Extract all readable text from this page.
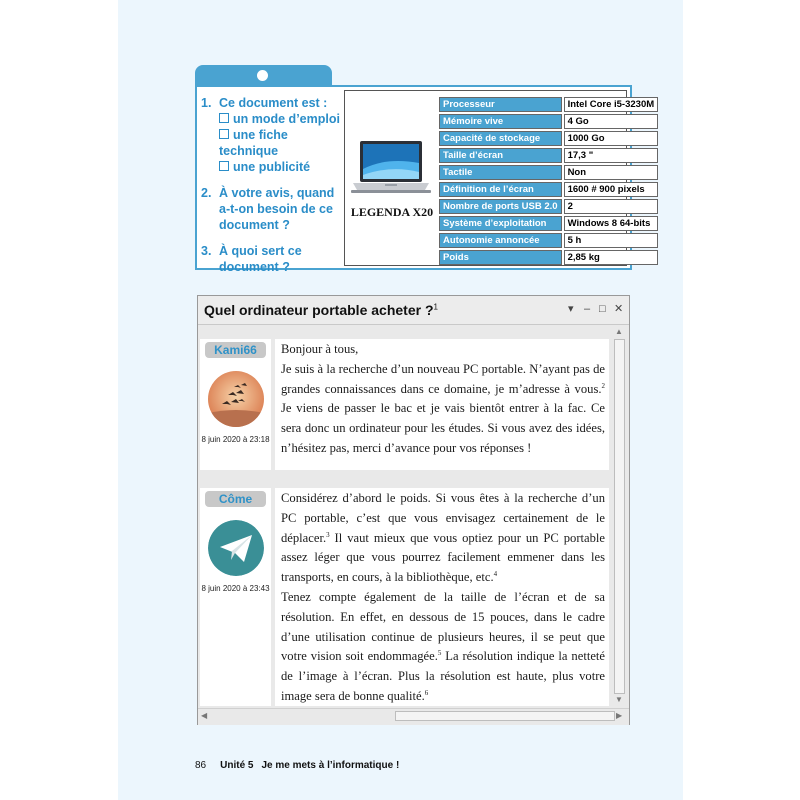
1. Ce document est :
un mode d’emploi
une fiche technique
une publicité
2. À votre avis, quand a-t-on besoin de ce document ?
3. À quoi sert ce document ?
LEGENDA X20
Processeur	Intel Core i5-3230M
Mémoire vive	4 Go
Capacité de stockage	1000 Go
Taille d’écran	17,3 "
Tactile	Non
Définition de l’écran	1600 # 900 pixels
Nombre de ports USB 2.0	2
Système d’exploitation	Windows 8 64-bits
Autonomie annoncée	5 h
Poids	2,85 kg
Quel ordinateur portable acheter ?$^1$	▾ – □ ✕
Kami66
8 juin 2020 à 23:18

Bonjour à tous,

Je suis à la recherche d’un nouveau PC portable. N’ayant pas de grandes connaissances dans ce domaine, je m’adresse à vous.$^2$ Je viens de passer le bac et je vais bientôt entrer à la fac. Ce sera donc un ordinateur pour les études. Si vous avez des idées, n’hésitez pas, merci d’avance pour vos réponses !

Côme
8 juin 2020 à 23:43

Considérez d’abord le poids. Si vous êtes à la recherche d’un PC portable, c’est que vous envisagez certainement de le déplacer.$^3$ Il vaut mieux que vous optiez pour un PC portable assez léger que vous pourrez facilement emmener dans les transports, en cours, à la bibliothèque, etc.$^4$

Tenez compte également de la taille de l’écran et de sa résolution. En effet, en dessous de 15 pouces, dans le cadre d’une utilisation continue de plusieurs heures, il se peut que votre vision soit endommagée.$^5$ La résolution indique la netteté de l’image à l’écran. Plus la résolution est haute, plus votre image sera de bonne qualité.$^6$

▲
▼
◀	▶
86 Unité 5 Je me mets à l’informatique !
